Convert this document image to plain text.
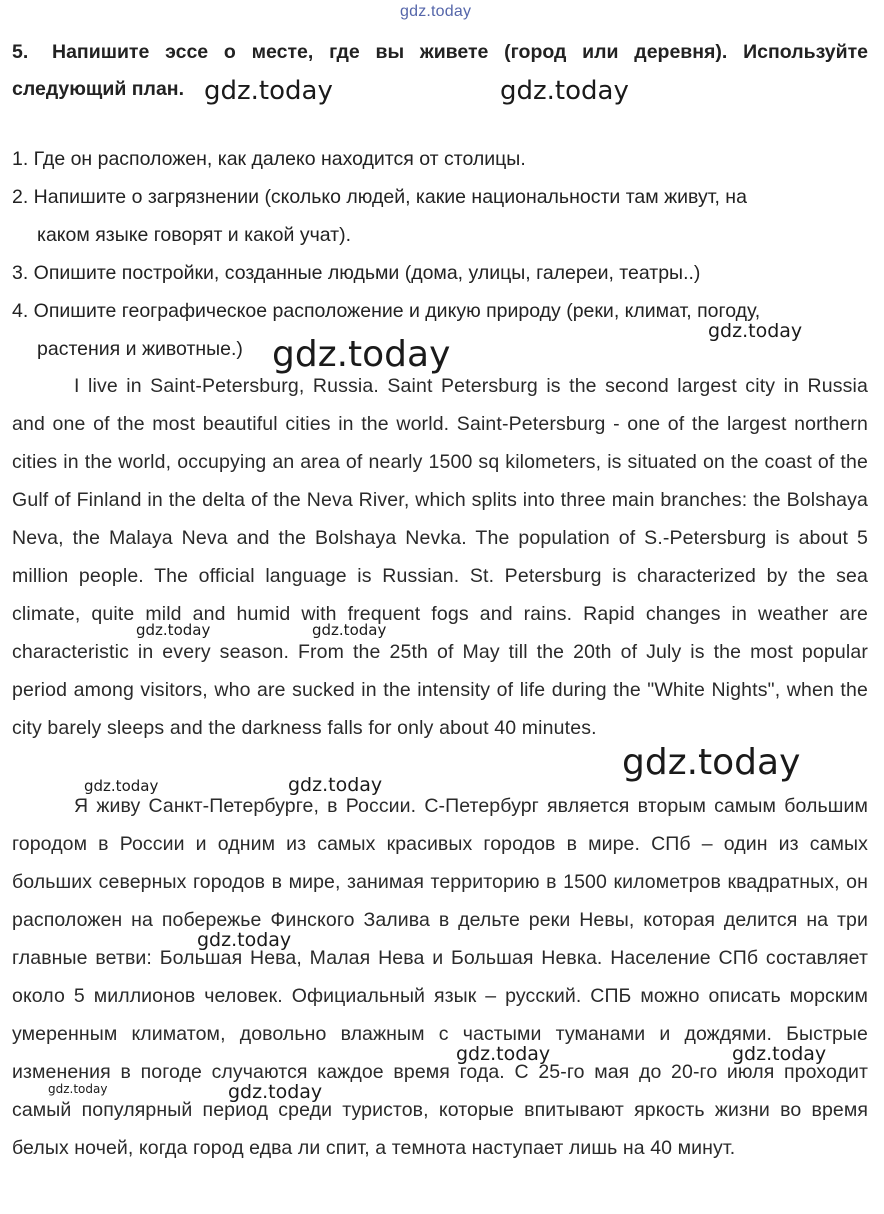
gdz.today
5. Напишите эссе о месте, где вы живете (город или деревня). Используйте следующий план.
1. Где он расположен, как далеко находится от столицы.
2. Напишите о загрязнении (сколько людей, какие национальности там живут, на
каком языке говорят и какой учат).
3. Опишите постройки, созданные людьми (дома, улицы, галереи, театры..)
4. Опишите географическое расположение и дикую природу (реки, климат, погоду,
растения и животные.)

I live in Saint-Petersburg, Russia. Saint Petersburg is the second largest city in Russia and one of the most beautiful cities in the world. Saint-Petersburg - one of the largest northern cities in the world, occupying an area of nearly 1500 sq kilometers, is situated on the coast of the Gulf of Finland in the delta of the Neva River, which splits into three main branches: the Bolshaya Neva, the Malaya Neva and the Bolshaya Nevka. The population of S.-Petersburg is about 5 million people. The official language is Russian. St. Petersburg is characterized by the sea climate, quite mild and humid with frequent fogs and rains. Rapid changes in weather are characteristic in every season. From the 25th of May till the 20th of July is the most popular period among visitors, who are sucked in the intensity of life during the "White Nights", when the city barely sleeps and the darkness falls for only about 40 minutes.

Я живу Санкт-Петербурге, в России. С-Петербург является вторым самым большим городом в России и одним из самых красивых городов в мире. СПб – один из самых больших северных городов в мире, занимая территорию в 1500 километров квадратных, он расположен на побережье Финского Залива в дельте реки Невы, которая делится на три главные ветви: Большая Нева, Малая Нева и Большая Невка. Население СПб составляет около 5 миллионов человек. Официальный язык – русский. СПБ можно описать морским умеренным климатом, довольно влажным с частыми туманами и дождями. Быстрые изменения в погоде случаются каждое время года. С 25-го мая до 20-го июля проходит самый популярный период среди туристов, которые впитывают яркость жизни во время белых ночей, когда город едва ли спит, а темнота наступает лишь на 40 минут.

gdz.today	gdz.today
gdz.today
gdz.today
gdz.today	gdz.today
gdz.today
gdz.today	gdz.today
gdz.today
gdz.today	gdz.today
gdz.today	gdz.today
